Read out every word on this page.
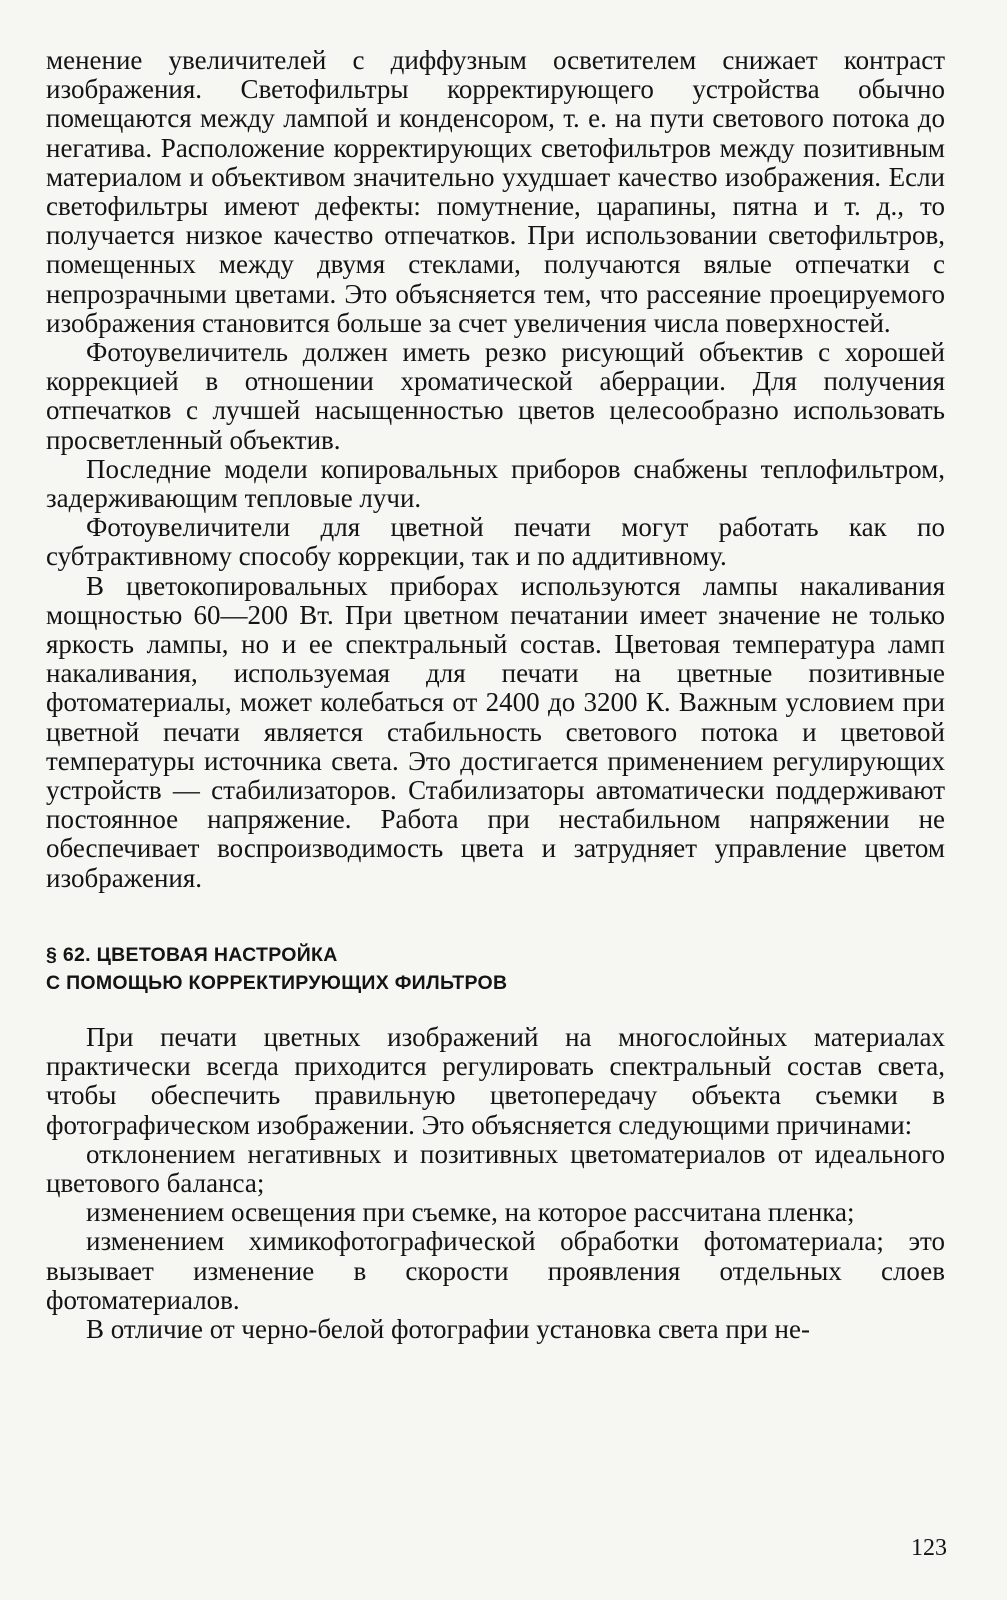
менение увеличителей с диффузным осветителем снижает контраст изображения. Светофильтры корректирующего устройства обычно помещаются между лампой и конденсором, т. е. на пути светового потока до негатива. Расположение корректирующих светофильтров между позитивным материалом и объективом значительно ухудшает качество изображения. Если светофильтры имеют дефекты: помутнение, царапины, пятна и т. д., то получается низкое качество отпечатков. При использовании светофильтров, помещенных между двумя стеклами, получаются вялые отпечатки с непрозрачными цветами. Это объясняется тем, что рассеяние проецируемого изображения становится больше за счет увеличения числа поверхностей.

Фотоувеличитель должен иметь резко рисующий объектив с хорошей коррекцией в отношении хроматической аберрации. Для получения отпечатков с лучшей насыщенностью цветов целесообразно использовать просветленный объектив.

Последние модели копировальных приборов снабжены теплофильтром, задерживающим тепловые лучи.

Фотоувеличители для цветной печати могут работать как по субтрактивному способу коррекции, так и по аддитивному.

В цветокопировальных приборах используются лампы накаливания мощностью 60—200 Вт. При цветном печатании имеет значение не только яркость лампы, но и ее спектральный состав. Цветовая температура ламп накаливания, используемая для печати на цветные позитивные фотоматериалы, может колебаться от 2400 до 3200 К. Важным условием при цветной печати является стабильность светового потока и цветовой температуры источника света. Это достигается применением регулирующих устройств — стабилизаторов. Стабилизаторы автоматически поддерживают постоянное напряжение. Работа при нестабильном напряжении не обеспечивает воспроизводимость цвета и затрудняет управление цветом изображения.

§ 62. ЦВЕТОВАЯ НАСТРОЙКА
С ПОМОЩЬЮ КОРРЕКТИРУЮЩИХ ФИЛЬТРОВ

При печати цветных изображений на многослойных материалах практически всегда приходится регулировать спектральный состав света, чтобы обеспечить правильную цветопередачу объекта съемки в фотографическом изображении. Это объясняется следующими причинами:

отклонением негативных и позитивных цветоматериалов от идеального цветового баланса;

изменением освещения при съемке, на которое рассчитана пленка;

изменением химикофотографической обработки фотоматериала; это вызывает изменение в скорости проявления отдельных слоев фотоматериалов.

В отличие от черно-белой фотографии установка света при не-

123
